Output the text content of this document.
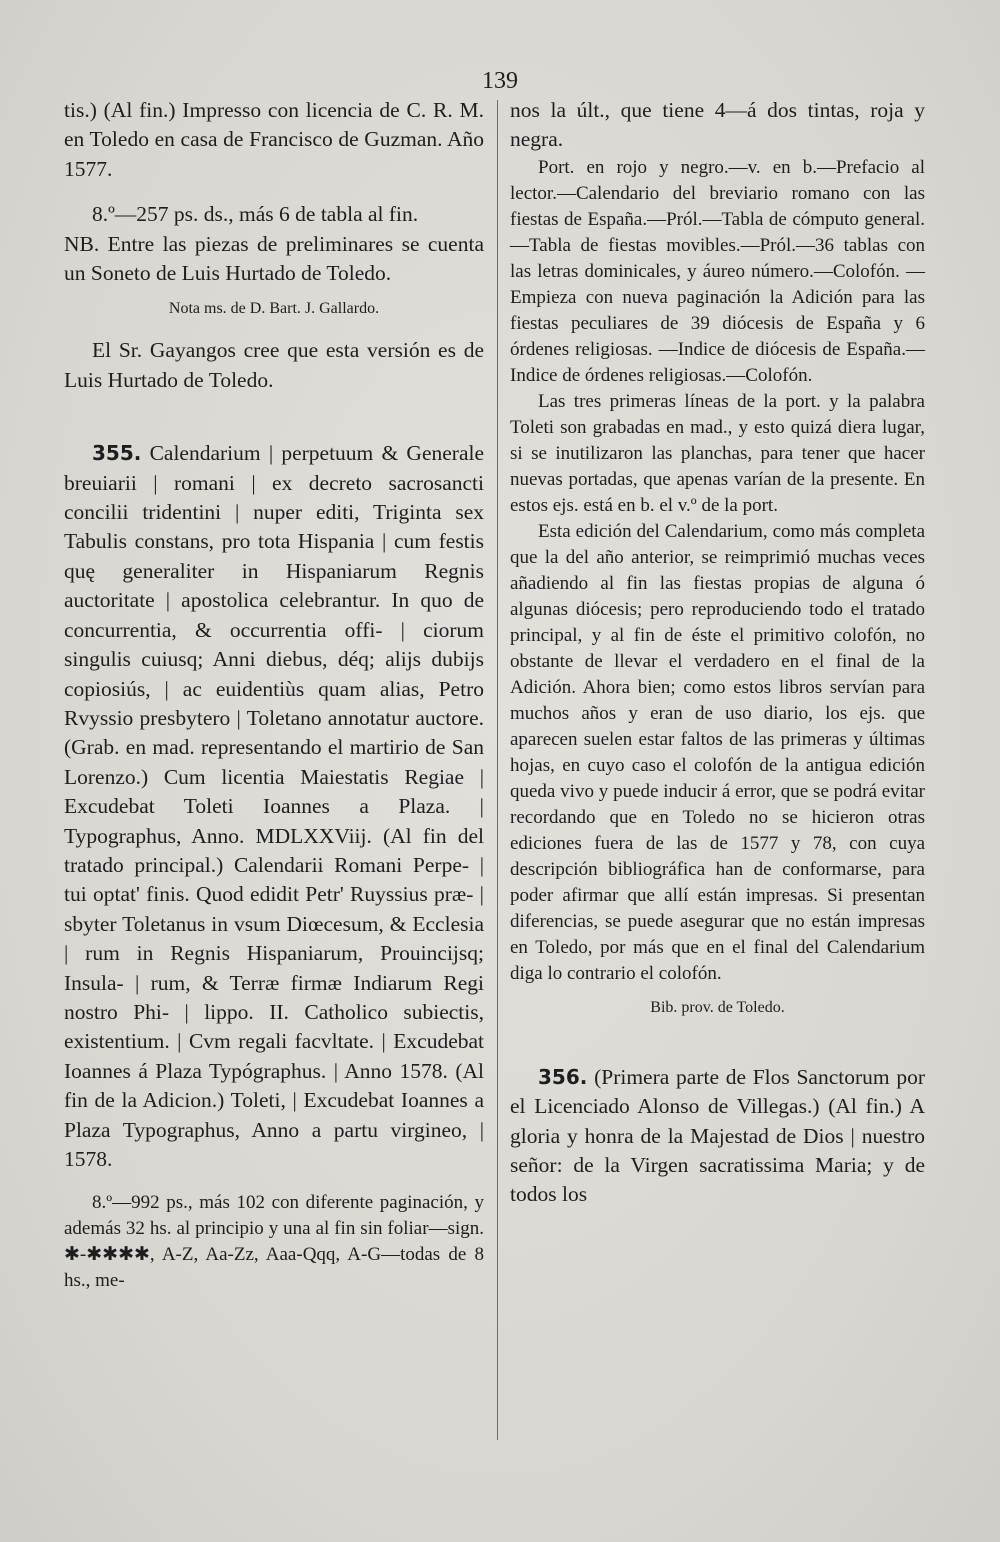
139

tis.) (Al fin.) Impresso con licencia de C. R. M. en Toledo en casa de Francisco de Guzman. Año 1577.

8.º—257 ps. ds., más 6 de tabla al fin.

NB. Entre las piezas de preliminares se cuenta un Soneto de Luis Hurtado de Toledo.

Nota ms. de D. Bart. J. Gallardo.

El Sr. Gayangos cree que esta versión es de Luis Hurtado de Toledo.

355. Calendarium | perpetuum & Generale breuiarii | romani | ex decreto sacrosancti concilii tridentini | nuper editi, Triginta sex Tabulis constans, pro tota Hispania | cum festis quę generaliter in Hispaniarum Regnis auctoritate | apostolica celebrantur. In quo de concurrentia, & occurrentia offi- | ciorum singulis cuiusq; Anni diebus, déq; alijs dubijs copiosiús, | ac euidentiùs quam alias, Petro Rvyssio presbytero | Toletano annotatur auctore. (Grab. en mad. representando el martirio de San Lorenzo.) Cum licentia Maiestatis Regiae | Excudebat Toleti Ioannes a Plaza. | Typographus, Anno. MDLXXViij. (Al fin del tratado principal.) Calendarii Romani Perpe- | tui optat' finis. Quod edidit Petr' Ruyssius præ- | sbyter Toletanus in vsum Diœcesum, & Ecclesia | rum in Regnis Hispaniarum, Prouincijsq; Insula- | rum, & Terræ firmæ Indiarum Regi nostro Phi- | lippo. II. Catholico subiectis, existentium. | Cvm regali facvltate. | Excudebat Ioannes á Plaza Typógraphus. | Anno 1578. (Al fin de la Adicion.) Toleti, | Excudebat Ioannes a Plaza Typographus, Anno a partu virgineo, | 1578.

8.º—992 ps., más 102 con diferente paginación, y además 32 hs. al principio y una al fin sin foliar—sign. ✱-✱✱✱✱, A-Z, Aa-Zz, Aaa-Qqq, A-G—todas de 8 hs., me-

nos la últ., que tiene 4—á dos tintas, roja y negra.

Port. en rojo y negro.—v. en b.—Prefacio al lector.—Calendario del breviario romano con las fiestas de España.—Pról.—Tabla de cómputo general.—Tabla de fiestas movibles.—Pról.—36 tablas con las letras dominicales, y áureo número.—Colofón. —Empieza con nueva paginación la Adición para las fiestas peculiares de 39 diócesis de España y 6 órdenes religiosas. —Indice de diócesis de España.—Indice de órdenes religiosas.—Colofón.

Las tres primeras líneas de la port. y la palabra Toleti son grabadas en mad., y esto quizá diera lugar, si se inutilizaron las planchas, para tener que hacer nuevas portadas, que apenas varían de la presente. En estos ejs. está en b. el v.º de la port.

Esta edición del Calendarium, como más completa que la del año anterior, se reimprimió muchas veces añadiendo al fin las fiestas propias de alguna ó algunas diócesis; pero reproduciendo todo el tratado principal, y al fin de éste el primitivo colofón, no obstante de llevar el verdadero en el final de la Adición. Ahora bien; como estos libros servían para muchos años y eran de uso diario, los ejs. que aparecen suelen estar faltos de las primeras y últimas hojas, en cuyo caso el colofón de la antigua edición queda vivo y puede inducir á error, que se podrá evitar recordando que en Toledo no se hicieron otras ediciones fuera de las de 1577 y 78, con cuya descripción bibliográfica han de conformarse, para poder afirmar que allí están impresas. Si presentan diferencias, se puede asegurar que no están impresas en Toledo, por más que en el final del Calendarium diga lo contrario el colofón.

Bib. prov. de Toledo.

356. (Primera parte de Flos Sanctorum por el Licenciado Alonso de Villegas.) (Al fin.) A gloria y honra de la Majestad de Dios | nuestro señor: de la Virgen sacratissima Maria; y de todos los
